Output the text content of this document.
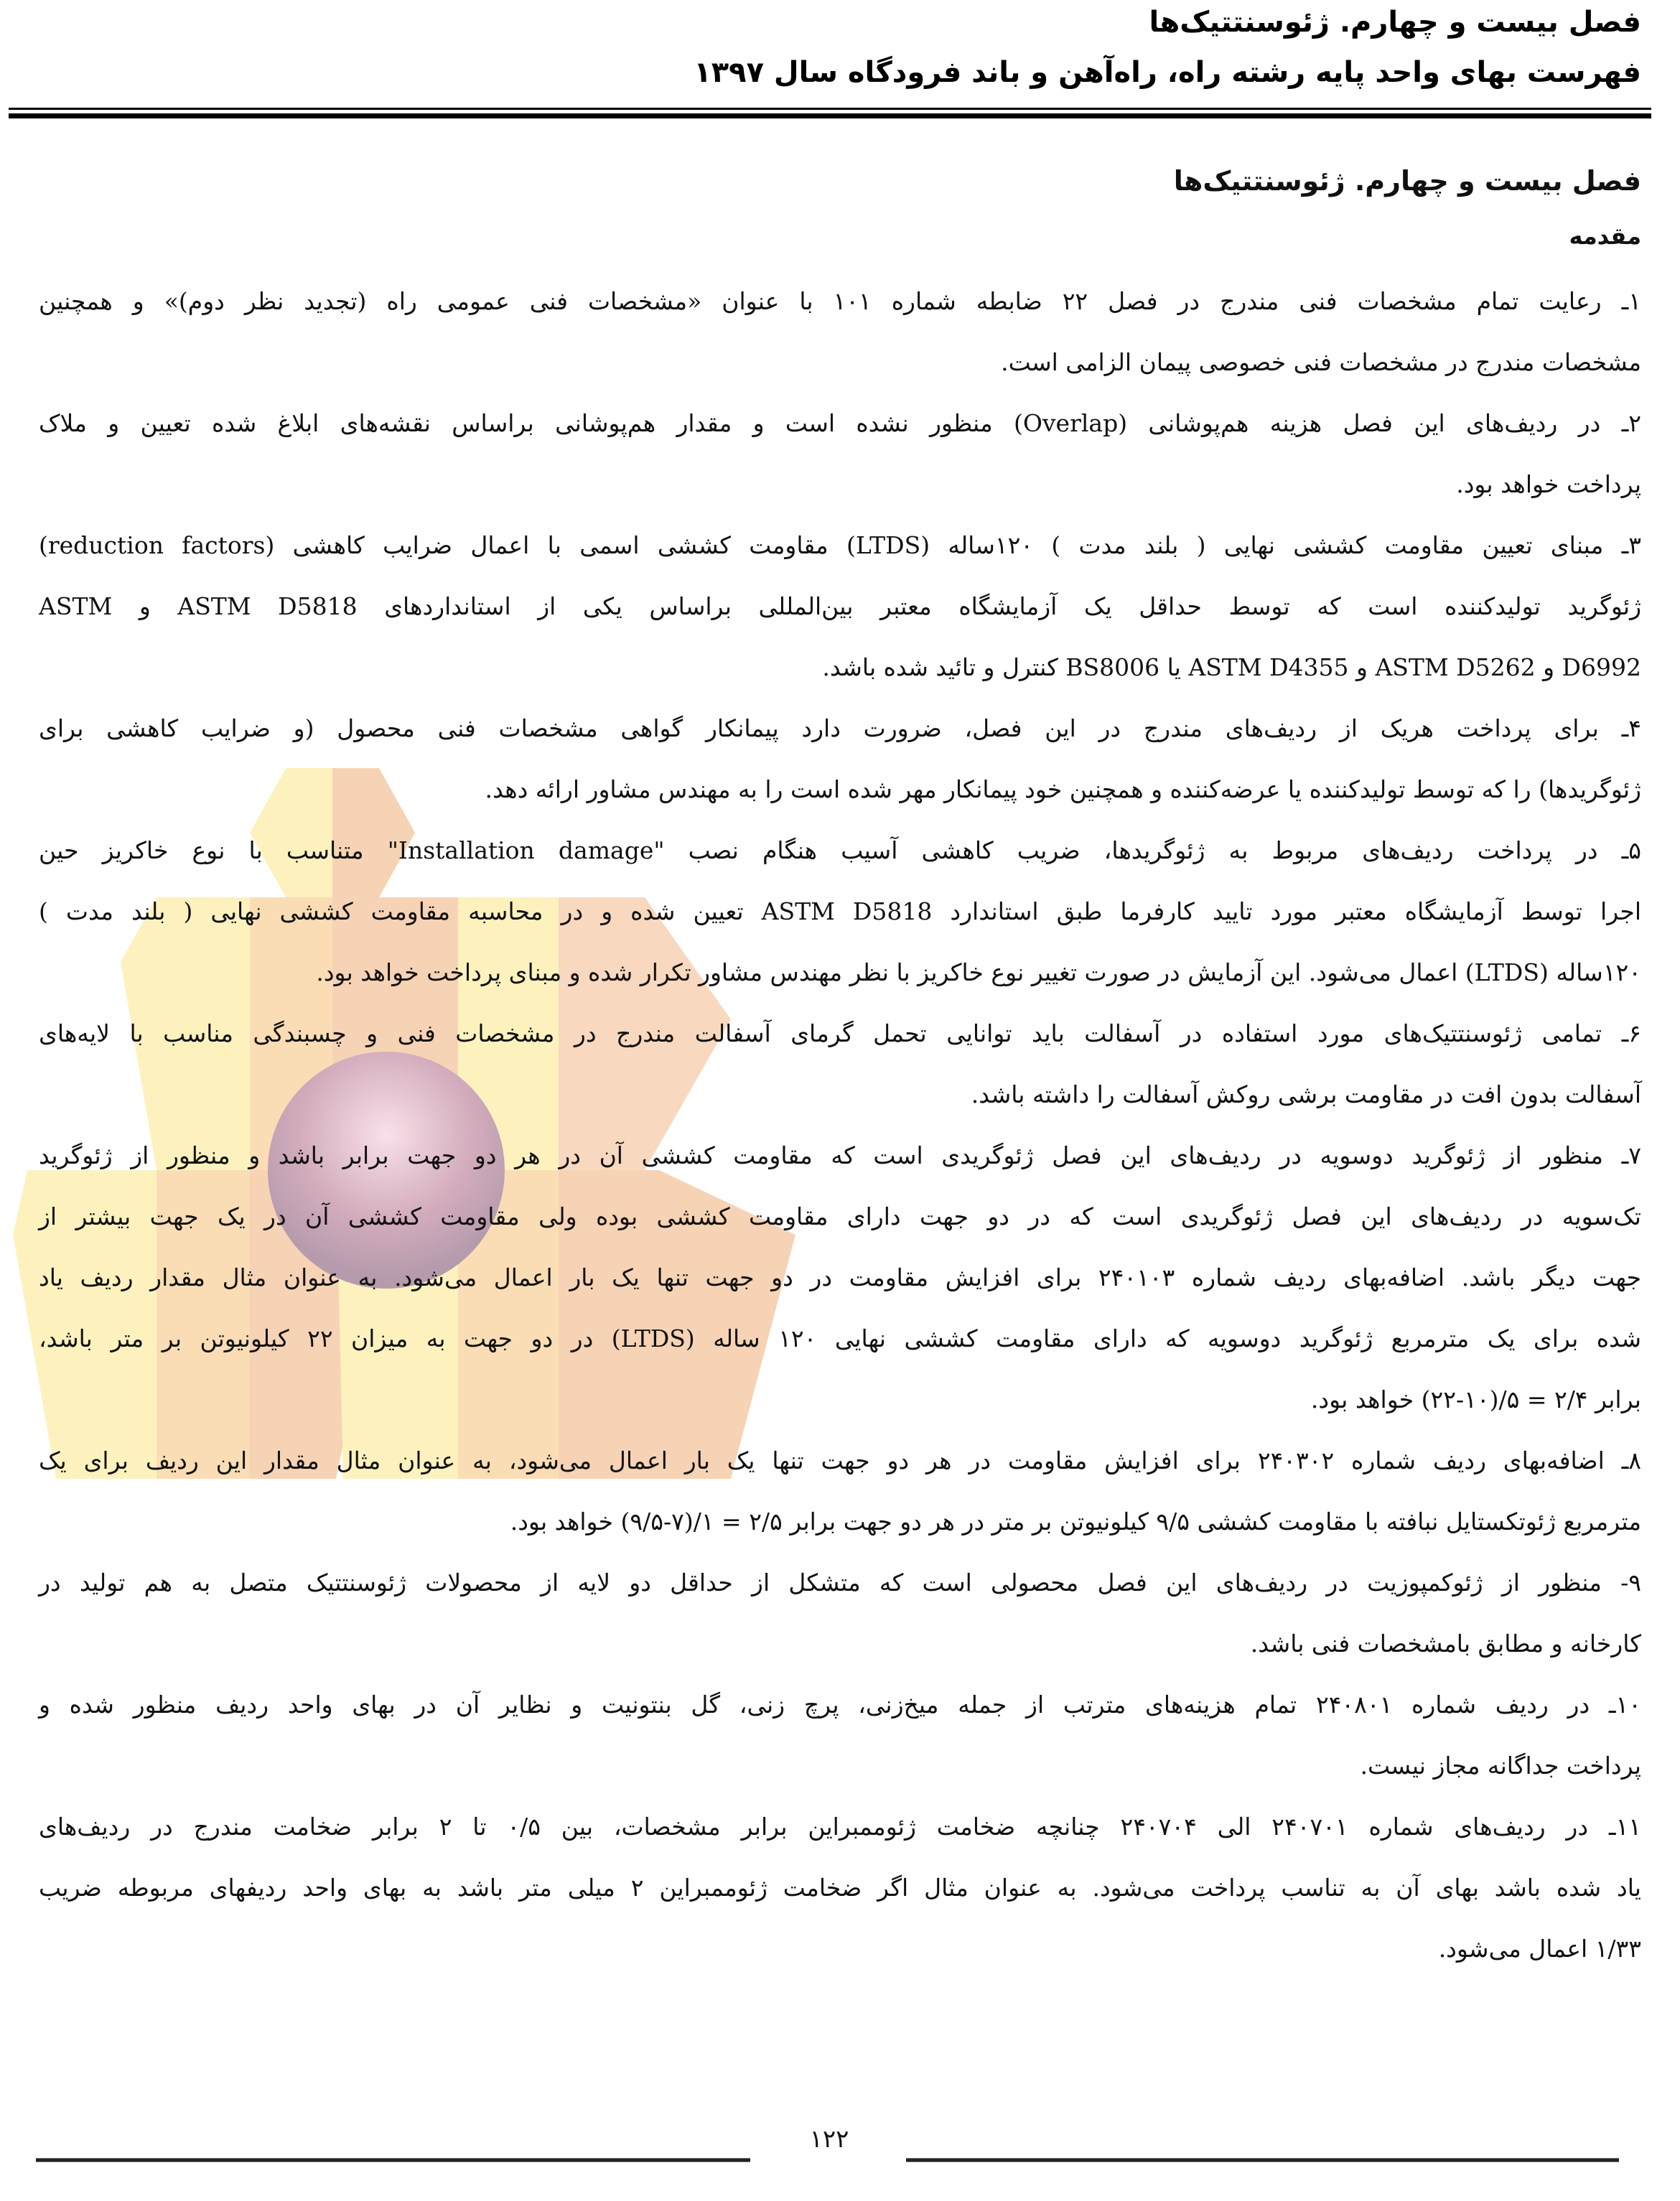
فصل بیست و چهارم. ژئوسنتتیک‌ها
فهرست بهای واحد پایه رشته راه، راه‌آهن و باند فرودگاه سال ۱۳۹۷
فصل بیست و چهارم. ژئوسنتتیک‌ها
مقدمه
۱ـ رعایت تمام مشخصات فنی مندرج در فصل ۲۲ ضابطه شماره ۱۰۱ با عنوان «مشخصات فنی عمومی راه (تجدید نظر دوم)» و همچنین
مشخصات مندرج در مشخصات فنی خصوصی پیمان الزامی است.
۲ـ در ردیف‌های این فصل هزینه هم‌پوشانی (Overlap) منظور نشده است و مقدار هم‌پوشانی براساس نقشه‌های ابلاغ شده تعیین و ملاک
پرداخت خواهد بود.
۳ـ مبنای تعیین مقاومت کششی نهایی ( بلند مدت ) ۱۲۰ساله (LTDS) مقاومت کششی اسمی با اعمال ضرایب کاهشی (reduction factors)
ژئوگرید تولیدکننده است که توسط حداقل یک آزمایشگاه معتبر بین‌المللی براساس یکی از استانداردهای ASTM D5818 و ASTM
D6992 و ASTM D5262 و ASTM D4355 یا BS8006 کنترل و تائید شده باشد.
۴ـ برای پرداخت هریک از ردیف‌های مندرج در این فصل، ضرورت دارد پیمانکار گواهی مشخصات فنی محصول (و ضرایب کاهشی برای
ژئوگریدها) را که توسط تولیدکننده یا عرضه‌کننده و همچنین خود پیمانکار مهر شده است را به مهندس مشاور ارائه دهد.
۵ـ در پرداخت ردیف‌های مربوط به ژئوگریدها، ضریب کاهشی آسیب هنگام نصب "Installation damage" متناسب با نوع خاکریز حین
اجرا توسط آزمایشگاه معتبر مورد تایید کارفرما طبق استاندارد ASTM D5818 تعیین شده و در محاسبه مقاومت کششی نهایی ( بلند مدت )
۱۲۰ساله (LTDS) اعمال می‌شود. این آزمایش در صورت تغییر نوع خاکریز با نظر مهندس مشاور تکرار شده و مبنای پرداخت خواهد بود.
۶ـ تمامی ژئوسنتتیک‌های مورد استفاده در آسفالت باید توانایی تحمل گرمای آسفالت مندرج در مشخصات فنی و چسبندگی مناسب با لایه‌های
آسفالت بدون افت در مقاومت برشی روکش آسفالت را داشته باشد.
۷ـ منظور از ژئوگرید دوسویه در ردیف‌های این فصل ژئوگریدی است که مقاومت کششی آن در هر دو جهت برابر باشد و منظور از ژئوگرید
تک‌سویه در ردیف‌های این فصل ژئوگریدی است که در دو جهت دارای مقاومت کششی بوده ولی مقاومت کششی آن در یک جهت بیشتر از
جهت دیگر باشد. اضافه‌بهای ردیف شماره ۲۴۰۱۰۳ برای افزایش مقاومت در دو جهت تنها یک بار اعمال می‌شود. به عنوان مثال مقدار ردیف یاد
شده برای یک مترمربع ژئوگرید دوسویه که دارای مقاومت کششی نهایی ۱۲۰ ساله (LTDS) در دو جهت به میزان ۲۲ کیلونیوتن بر متر باشد،
برابر ۲/۴ = ۵/(۱۰-۲۲) خواهد بود.
۸ـ اضافه‌بهای ردیف شماره ۲۴۰۳۰۲ برای افزایش مقاومت در هر دو جهت تنها یک بار اعمال می‌شود، به عنوان مثال مقدار این ردیف برای یک
مترمربع ژئوتکستایل نبافته با مقاومت کششی ۹/۵ کیلونیوتن بر متر در هر دو جهت برابر ۲/۵ = ۱/(۷-۹/۵) خواهد بود.
۹- منظور از ژئوکمپوزیت در ردیف‌های این فصل محصولی است که متشکل از حداقل دو لایه از محصولات ژئوسنتتیک متصل به هم تولید در
کارخانه و مطابق بامشخصات فنی باشد.
۱۰ـ در ردیف شماره ۲۴۰۸۰۱ تمام هزینه‌های مترتب از جمله میخ‌زنی، پرچ زنی، گل بنتونیت و نظایر آن در بهای واحد ردیف منظور شده و
پرداخت جداگانه مجاز نیست.
۱۱ـ در ردیف‌های شماره ۲۴۰۷۰۱ الی ۲۴۰۷۰۴ چنانچه ضخامت ژئوممبراین برابر مشخصات، بین ۰/۵ تا ۲ برابر ضخامت مندرج در ردیف‌های
یاد شده باشد بهای آن به تناسب پرداخت می‌شود. به عنوان مثال اگر ضخامت ژئوممبراین ۲ میلی متر باشد به بهای واحد ردیفهای مربوطه ضریب
۱/۳۳ اعمال می‌شود.
۱۲۲
